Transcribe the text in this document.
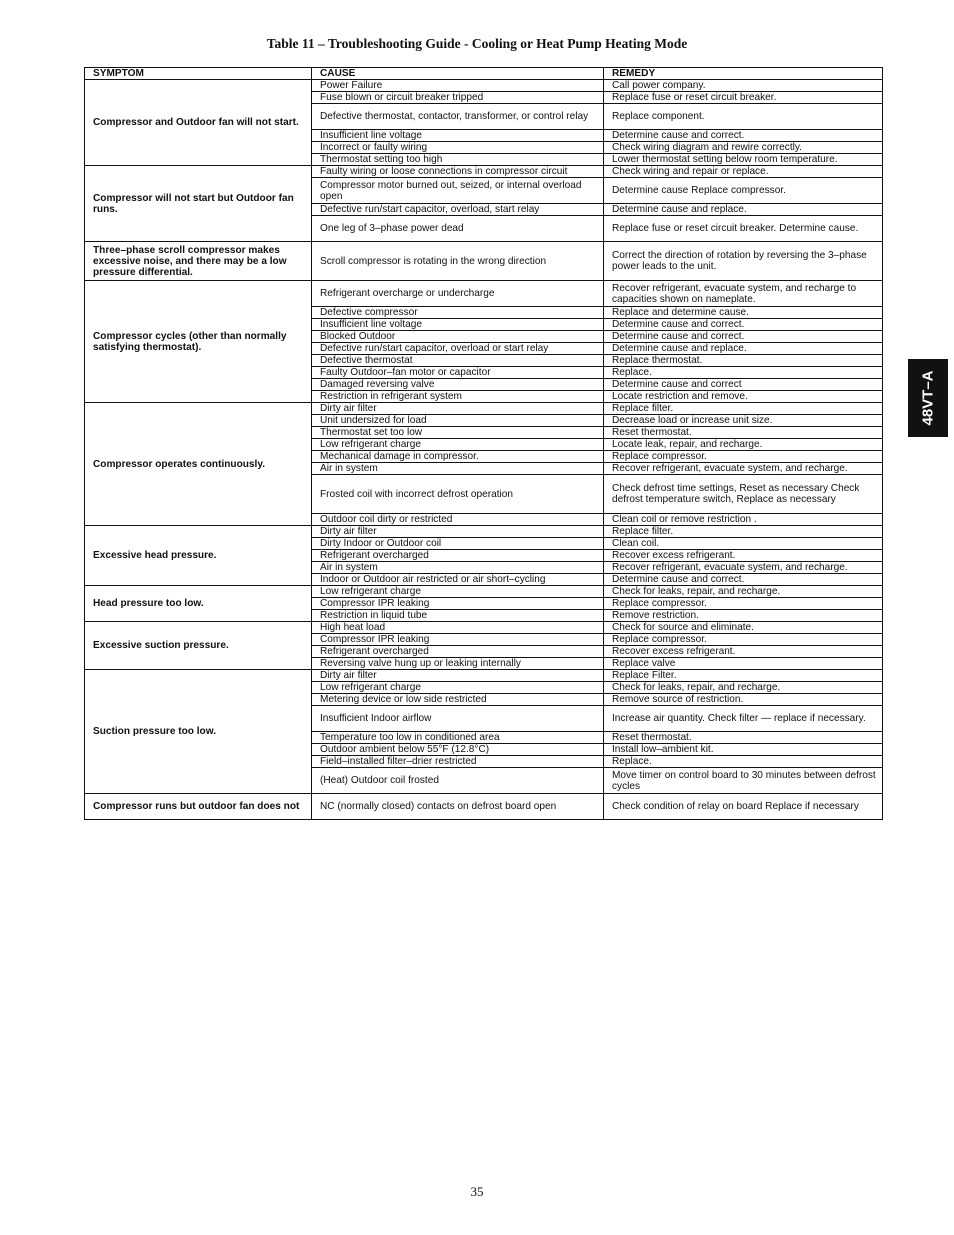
Table 11 – Troubleshooting Guide - Cooling or Heat Pump Heating Mode
48VT–A
SYMPTOM	CAUSE	REMEDY
Compressor and Outdoor fan will not start.	Power Failure	Call power company.
	Fuse blown or circuit breaker tripped	Replace fuse or reset circuit breaker.
	Defective thermostat, contactor, transformer, or control relay	Replace component.
	Insufficient line voltage	Determine cause and correct.
	Incorrect or faulty wiring	Check wiring diagram and rewire correctly.
	Thermostat setting too high	Lower thermostat setting below room temperature.
Compressor will not start but Outdoor fan runs.	Faulty wiring or loose connections in compressor circuit	Check wiring and repair or replace.
	Compressor motor burned out, seized, or internal overload open	Determine cause Replace compressor.
	Defective run/start capacitor, overload, start relay	Determine cause and replace.
	One leg of 3–phase power dead	Replace fuse or reset circuit breaker. Determine cause.
Three–phase scroll compressor makes excessive noise, and there may be a low pressure differential.	Scroll compressor is rotating in the wrong direction	Correct the direction of rotation by reversing the 3–phase power leads to the unit.
Compressor cycles (other than normally satisfying thermostat).	Refrigerant overcharge or undercharge	Recover refrigerant, evacuate system, and recharge to capacities shown on nameplate.
	Defective compressor	Replace and determine cause.
	Insufficient line voltage	Determine cause and correct.
	Blocked Outdoor	Determine cause and correct.
	Defective run/start capacitor, overload or start relay	Determine cause and replace.
	Defective thermostat	Replace thermostat.
	Faulty Outdoor–fan motor or capacitor	Replace.
	Damaged reversing valve	Determine cause and correct
	Restriction in refrigerant system	Locate restriction and remove.
Compressor operates continuously.	Dirty air filter	Replace filter.
	Unit undersized for load	Decrease load or increase unit size.
	Thermostat set too low	Reset thermostat.
	Low refrigerant charge	Locate leak, repair, and recharge.
	Mechanical damage in compressor.	Replace compressor.
	Air in system	Recover refrigerant, evacuate system, and recharge.
	Frosted coil with incorrect defrost operation	Check defrost time settings, Reset as necessary Check defrost temperature switch, Replace as necessary
	Outdoor coil dirty or restricted	Clean coil or remove restriction .
Excessive head pressure.	Dirty air filter	Replace filter.
	Dirty Indoor or Outdoor coil	Clean coil.
	Refrigerant overcharged	Recover excess refrigerant.
	Air in system	Recover refrigerant, evacuate system, and recharge.
	Indoor or Outdoor air restricted or air short–cycling	Determine cause and correct.
Head pressure too low.	Low refrigerant charge	Check for leaks, repair, and recharge.
	Compressor IPR leaking	Replace compressor.
	Restriction in liquid tube	Remove restriction.
Excessive suction pressure.	High heat load	Check for source and eliminate.
	Compressor IPR leaking	Replace compressor.
	Refrigerant overcharged	Recover excess refrigerant.
	Reversing valve hung up or leaking internally	Replace valve
Suction pressure too low.	Dirty air filter	Replace Filter.
	Low refrigerant charge	Check for leaks, repair, and recharge.
	Metering device or low side restricted	Remove source of restriction.
	Insufficient Indoor airflow	Increase air quantity. Check filter — replace if necessary.
	Temperature too low in conditioned area	Reset thermostat.
	Outdoor ambient below 55°F (12.8°C)	Install low–ambient kit.
	Field–installed filter–drier restricted	Replace.
	(Heat) Outdoor coil frosted	Move timer on control board to 30 minutes between defrost cycles
Compressor runs but outdoor fan does not	NC (normally closed) contacts on defrost board open	Check condition of relay on board Replace if necessary
35
